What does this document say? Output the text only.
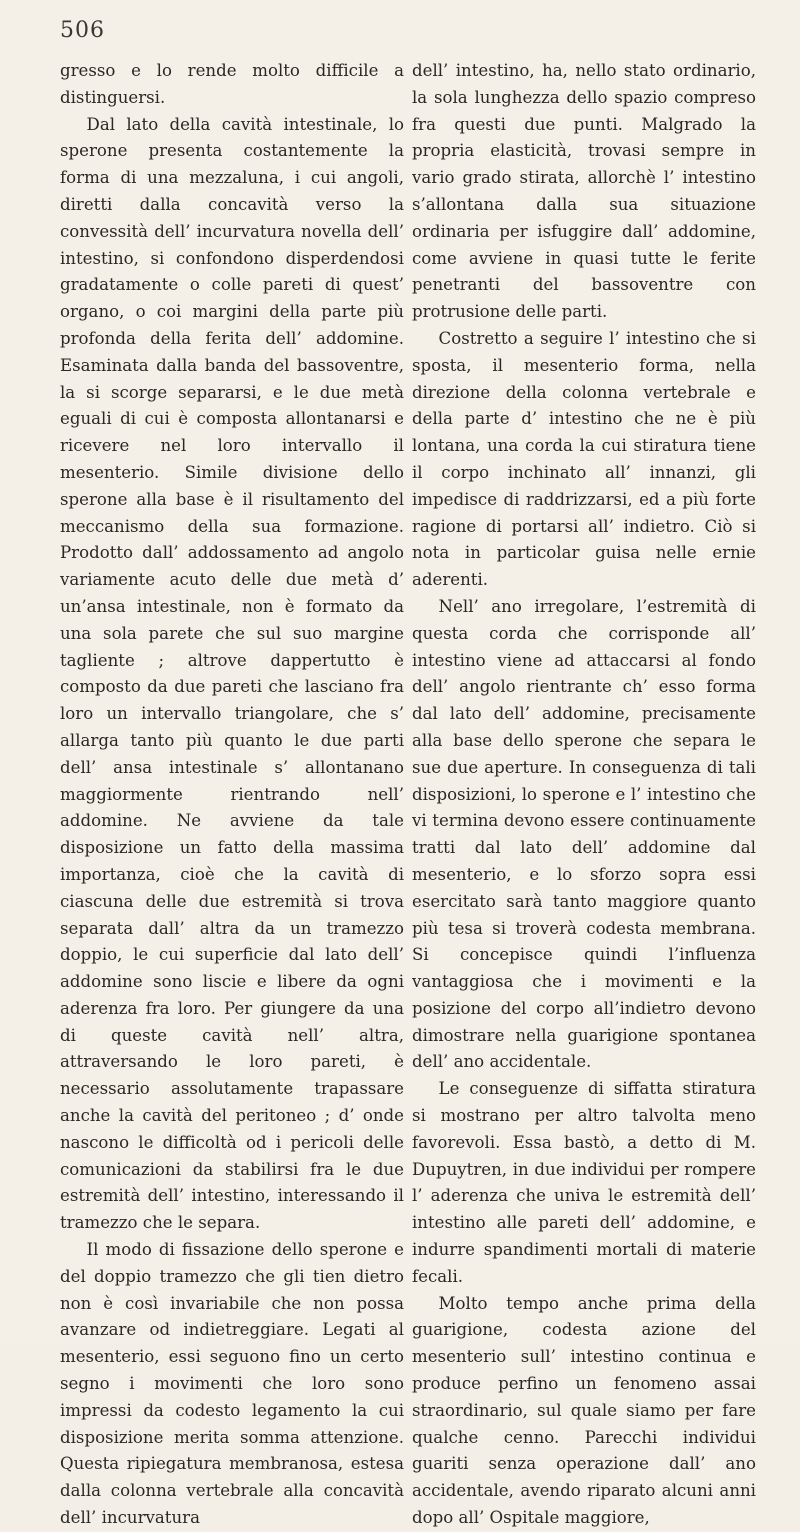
506

gresso e lo rende molto difficile a distinguersi.

Dal lato della cavità intestinale, lo sperone presenta costantemente la forma di una mezzaluna, i cui angoli, diretti dalla concavità verso la convessità dell’ incurvatura novella dell’ intestino, si confondono disperdendosi gradatamente o colle pareti di quest’ organo, o coi margini della parte più profonda della ferita dell’ addomine. Esaminata dalla banda del bassoventre, la si scorge separarsi, e le due metà eguali di cui è composta allontanarsi e ricevere nel loro intervallo il mesenterio. Simile divisione dello sperone alla base è il risultamento del meccanismo della sua formazione. Prodotto dall’ addossamento ad angolo variamente acuto delle due metà d’ un’ansa intestinale, non è formato da una sola parete che sul suo margine tagliente ; altrove dappertutto è composto da due pareti che lasciano fra loro un intervallo triangolare, che s’ allarga tanto più quanto le due parti dell’ ansa intestinale s’ allontanano maggiormente rientrando nell’ addomine. Ne avviene da tale disposizione un fatto della massima importanza, cioè che la cavità di ciascuna delle due estremità si trova separata dall’ altra da un tramezzo doppio, le cui superficie dal lato dell’ addomine sono liscie e libere da ogni aderenza fra loro. Per giungere da una di queste cavità nell’ altra, attraversando le loro pareti, è necessario assolutamente trapassare anche la cavità del peritoneo ; d’ onde nascono le difficoltà od i pericoli delle comunicazioni da stabilirsi fra le due estremità dell’ intestino, interessando il tramezzo che le separa.

Il modo di fissazione dello sperone e del doppio tramezzo che gli tien dietro non è così invariabile che non possa avanzare od indietreggiare. Legati al mesenterio, essi seguono fino un certo segno i movimenti che loro sono impressi da codesto legamento la cui disposizione merita somma attenzione. Questa ripiegatura membranosa, estesa dalla colonna vertebrale alla concavità dell’ incurvatura

dell’ intestino, ha, nello stato ordinario, la sola lunghezza dello spazio compreso fra questi due punti. Malgrado la propria elasticità, trovasi sempre in vario grado stirata, allorchè l’ intestino s’allontana dalla sua situazione ordinaria per isfuggire dall’ addomine, come avviene in quasi tutte le ferite penetranti del bassoventre con protrusione delle parti.

Costretto a seguire l’ intestino che si sposta, il mesenterio forma, nella direzione della colonna vertebrale e della parte d’ intestino che ne è più lontana, una corda la cui stiratura tiene il corpo inchinato all’ innanzi, gli impedisce di raddrizzarsi, ed a più forte ragione di portarsi all’ indietro. Ciò si nota in particolar guisa nelle ernie aderenti.

Nell’ ano irregolare, l’estremità di questa corda che corrisponde all’ intestino viene ad attaccarsi al fondo dell’ angolo rientrante ch’ esso forma dal lato dell’ addomine, precisamente alla base dello sperone che separa le sue due aperture. In conseguenza di tali disposizioni, lo sperone e l’ intestino che vi termina devono essere continuamente tratti dal lato dell’ addomine dal mesenterio, e lo sforzo sopra essi esercitato sarà tanto maggiore quanto più tesa si troverà codesta membrana. Si concepisce quindi l’influenza vantaggiosa che i movimenti e la posizione del corpo all’indietro devono dimostrare nella guarigione spontanea dell’ ano accidentale.

Le conseguenze di siffatta stiratura si mostrano per altro talvolta meno favorevoli. Essa bastò, a detto di M. Dupuytren, in due individui per rompere l’ aderenza che univa le estremità dell’ intestino alle pareti dell’ addomine, e indurre spandimenti mortali di materie fecali.

Molto tempo anche prima della guarigione, codesta azione del mesenterio sull’ intestino continua e produce perfino un fenomeno assai straordinario, sul quale siamo per fare qualche cenno. Parecchi individui guariti senza operazione dall’ ano accidentale, avendo riparato alcuni anni dopo all’ Ospitale maggiore,
